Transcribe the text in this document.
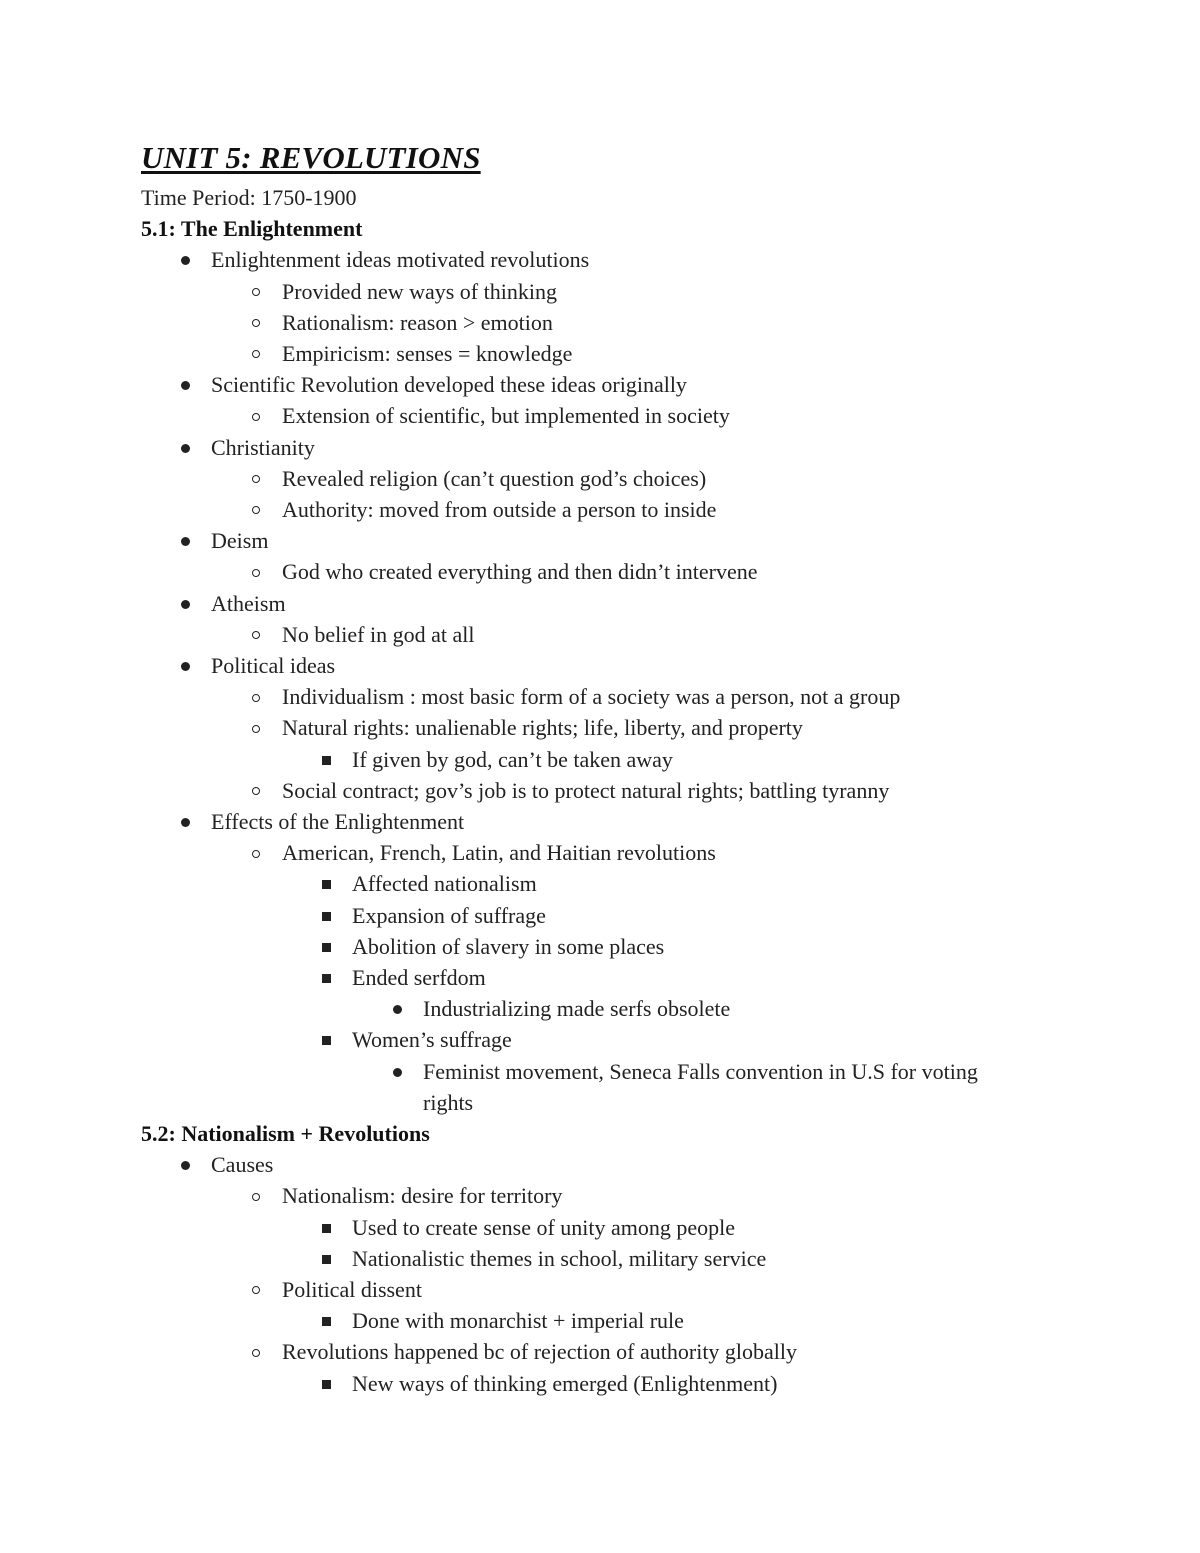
UNIT 5: REVOLUTIONS
Time Period: 1750-1900
5.1: The Enlightenment
Enlightenment ideas motivated revolutions
Provided new ways of thinking
Rationalism: reason > emotion
Empiricism: senses = knowledge
Scientific Revolution developed these ideas originally
Extension of scientific, but implemented in society
Christianity
Revealed religion (can’t question god’s choices)
Authority: moved from outside a person to inside
Deism
God who created everything and then didn’t intervene
Atheism
No belief in god at all
Political ideas
Individualism : most basic form of a society was a person, not a group
Natural rights: unalienable rights; life, liberty, and property
If given by god, can’t be taken away
Social contract; gov’s job is to protect natural rights; battling tyranny
Effects of the Enlightenment
American, French, Latin, and Haitian revolutions
Affected nationalism
Expansion of suffrage
Abolition of slavery in some places
Ended serfdom
Industrializing made serfs obsolete
Women’s suffrage
Feminist movement, Seneca Falls convention in U.S for voting
rights
5.2: Nationalism + Revolutions
Causes
Nationalism: desire for territory
Used to create sense of unity among people
Nationalistic themes in school, military service
Political dissent
Done with monarchist + imperial rule
Revolutions happened bc of rejection of authority globally
New ways of thinking emerged (Enlightenment)
